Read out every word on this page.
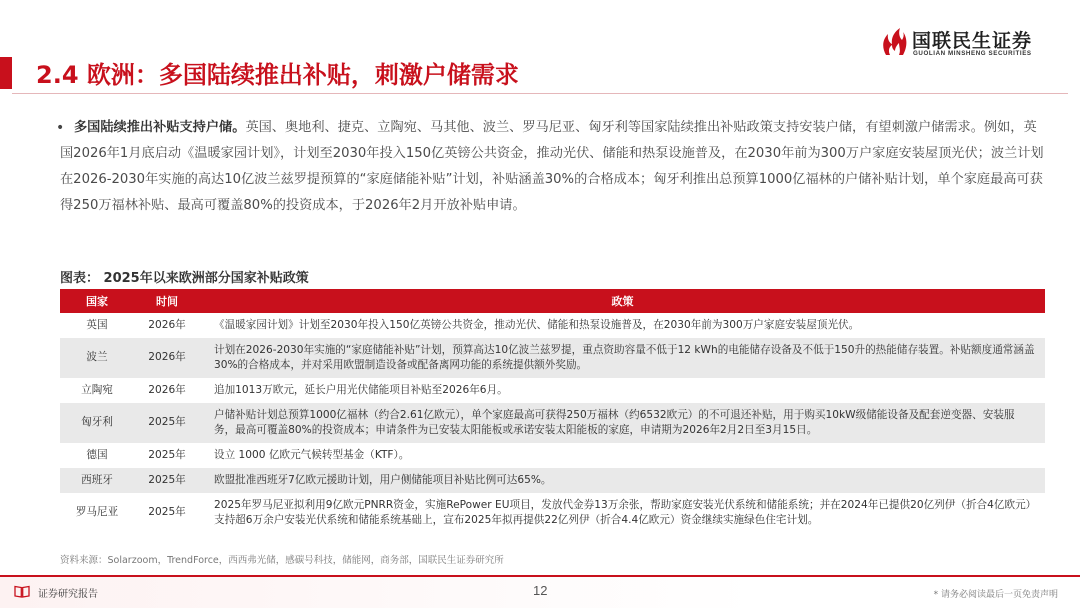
国联民生证券
GUOLIAN MINSHENG SECURITIES
2.4 欧洲：多国陆续推出补贴，刺激户储需求
• 多国陆续推出补贴支持户储。英国、奥地利、捷克、立陶宛、马其他、波兰、罗马尼亚、匈牙利等国家陆续推出补贴政策支持安装户储，有望刺激户储需求。例如，英国2026年1月底启动《温暖家园计划》，计划至2030年投入150亿英镑公共资金，推动光伏、储能和热泵设施普及，在2030年前为300万户家庭安装屋顶光伏；波兰计划在2026-2030年实施的高达10亿波兰兹罗提预算的“家庭储能补贴”计划，补贴涵盖30%的合格成本；匈牙利推出总预算1000亿福林的户储补贴计划，单个家庭最高可获得250万福林补贴、最高可覆盖80%的投资成本，于2026年2月开放补贴申请。
图表： 2025年以来欧洲部分国家补贴政策
国家	时间	政策
英国	2026年	《温暖家园计划》计划至2030年投入150亿英镑公共资金，推动光伏、储能和热泵设施普及，在2030年前为300万户家庭安装屋顶光伏。
波兰	2026年	计划在2026-2030年实施的“家庭储能补贴”计划，预算高达10亿波兰兹罗提，重点资助容量不低于12 kWh的电能储存设备及不低于150升的热能储存装置。补贴额度通常涵盖30%的合格成本，并对采用欧盟制造设备或配备离网功能的系统提供额外奖励。
立陶宛	2026年	追加1013万欧元，延长户用光伏储能项目补贴至2026年6月。
匈牙利	2025年	户储补贴计划总预算1000亿福林（约合2.61亿欧元），单个家庭最高可获得250万福林（约6532欧元）的不可退还补贴，用于购买10kW级储能设备及配套逆变器、安装服务，最高可覆盖80%的投资成本；申请条件为已安装太阳能板或承诺安装太阳能板的家庭，申请期为2026年2月2日至3月15日。
德国	2025年	设立 1000 亿欧元气候转型基金（KTF）。
西班牙	2025年	欧盟批准西班牙7亿欧元援助计划，用户侧储能项目补贴比例可达65%。
罗马尼亚	2025年	2025年罗马尼亚拟利用9亿欧元PNRR资金，实施RePower EU项目，发放代金券13万余张，帮助家庭安装光伏系统和储能系统；并在2024年已提供20亿列伊（折合4亿欧元）支持超6万余户安装光伏系统和储能系统基础上，宣布2025年拟再提供22亿列伊（折合4.4亿欧元）资金继续实施绿色住宅计划。
资料来源：Solarzoom，TrendForce，西西弗光储，感碳号科技，储能网，商务部，国联民生证券研究所
证券研究报告	12	* 请务必阅读最后一页免责声明
